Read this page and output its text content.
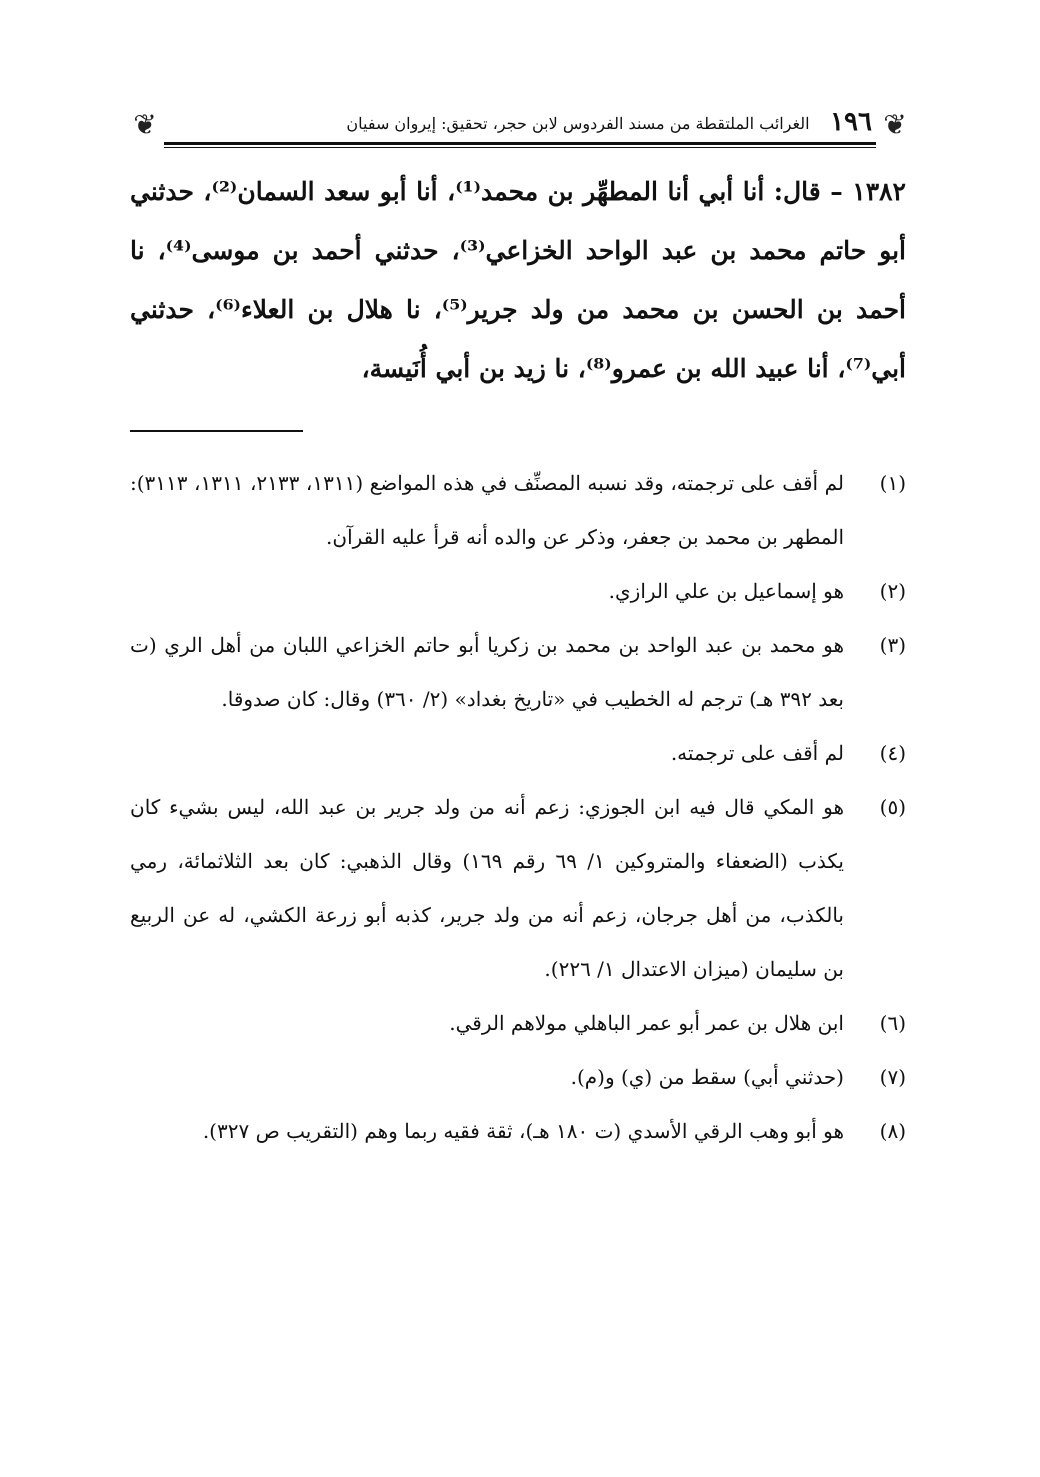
❦
١٩٦
الغرائب الملتقطة من مسند الفردوس لابن حجر، تحقيق: إيروان سفيان
❦

١٣٨٢ – قال: أنا أبي أنا المطهِّر بن محمد⁽¹⁾، أنا أبو سعد السمان⁽²⁾، حدثني أبو حاتم محمد بن عبد الواحد الخزاعي⁽³⁾، حدثني أحمد بن موسى⁽⁴⁾، نا أحمد بن الحسن بن محمد من ولد جرير⁽⁵⁾، نا هلال بن العلاء⁽⁶⁾، حدثني أبي⁽⁷⁾، أنا عبيد الله بن عمرو⁽⁸⁾، نا زيد بن أبي أُنَيسة،

(١)
لم أقف على ترجمته، وقد نسبه المصنِّف في هذه المواضع (١٣١١، ٢١٣٣، ١٣١١، ٣١١٣): المطهر بن محمد بن جعفر، وذكر عن والده أنه قرأ عليه القرآن.
(٢)
هو إسماعيل بن علي الرازي.
(٣)
هو محمد بن عبد الواحد بن محمد بن زكريا أبو حاتم الخزاعي اللبان من أهل الري (ت بعد ٣٩٢ هـ) ترجم له الخطيب في «تاريخ بغداد» (٢/ ٣٦٠) وقال: كان صدوقا.
(٤)
لم أقف على ترجمته.
(٥)
هو المكي قال فيه ابن الجوزي: زعم أنه من ولد جرير بن عبد الله، ليس بشيء كان يكذب (الضعفاء والمتروكين ١/ ٦٩ رقم ١٦٩) وقال الذهبي: كان بعد الثلاثمائة، رمي بالكذب، من أهل جرجان، زعم أنه من ولد جرير، كذبه أبو زرعة الكشي، له عن الربيع بن سليمان (ميزان الاعتدال ١/ ٢٢٦).
(٦)
ابن هلال بن عمر أبو عمر الباهلي مولاهم الرقي.
(٧)
(حدثني أبي) سقط من (ي) و(م).
(٨)
هو أبو وهب الرقي الأسدي (ت ١٨٠ هـ)، ثقة فقيه ربما وهم (التقريب ص ٣٢٧).
